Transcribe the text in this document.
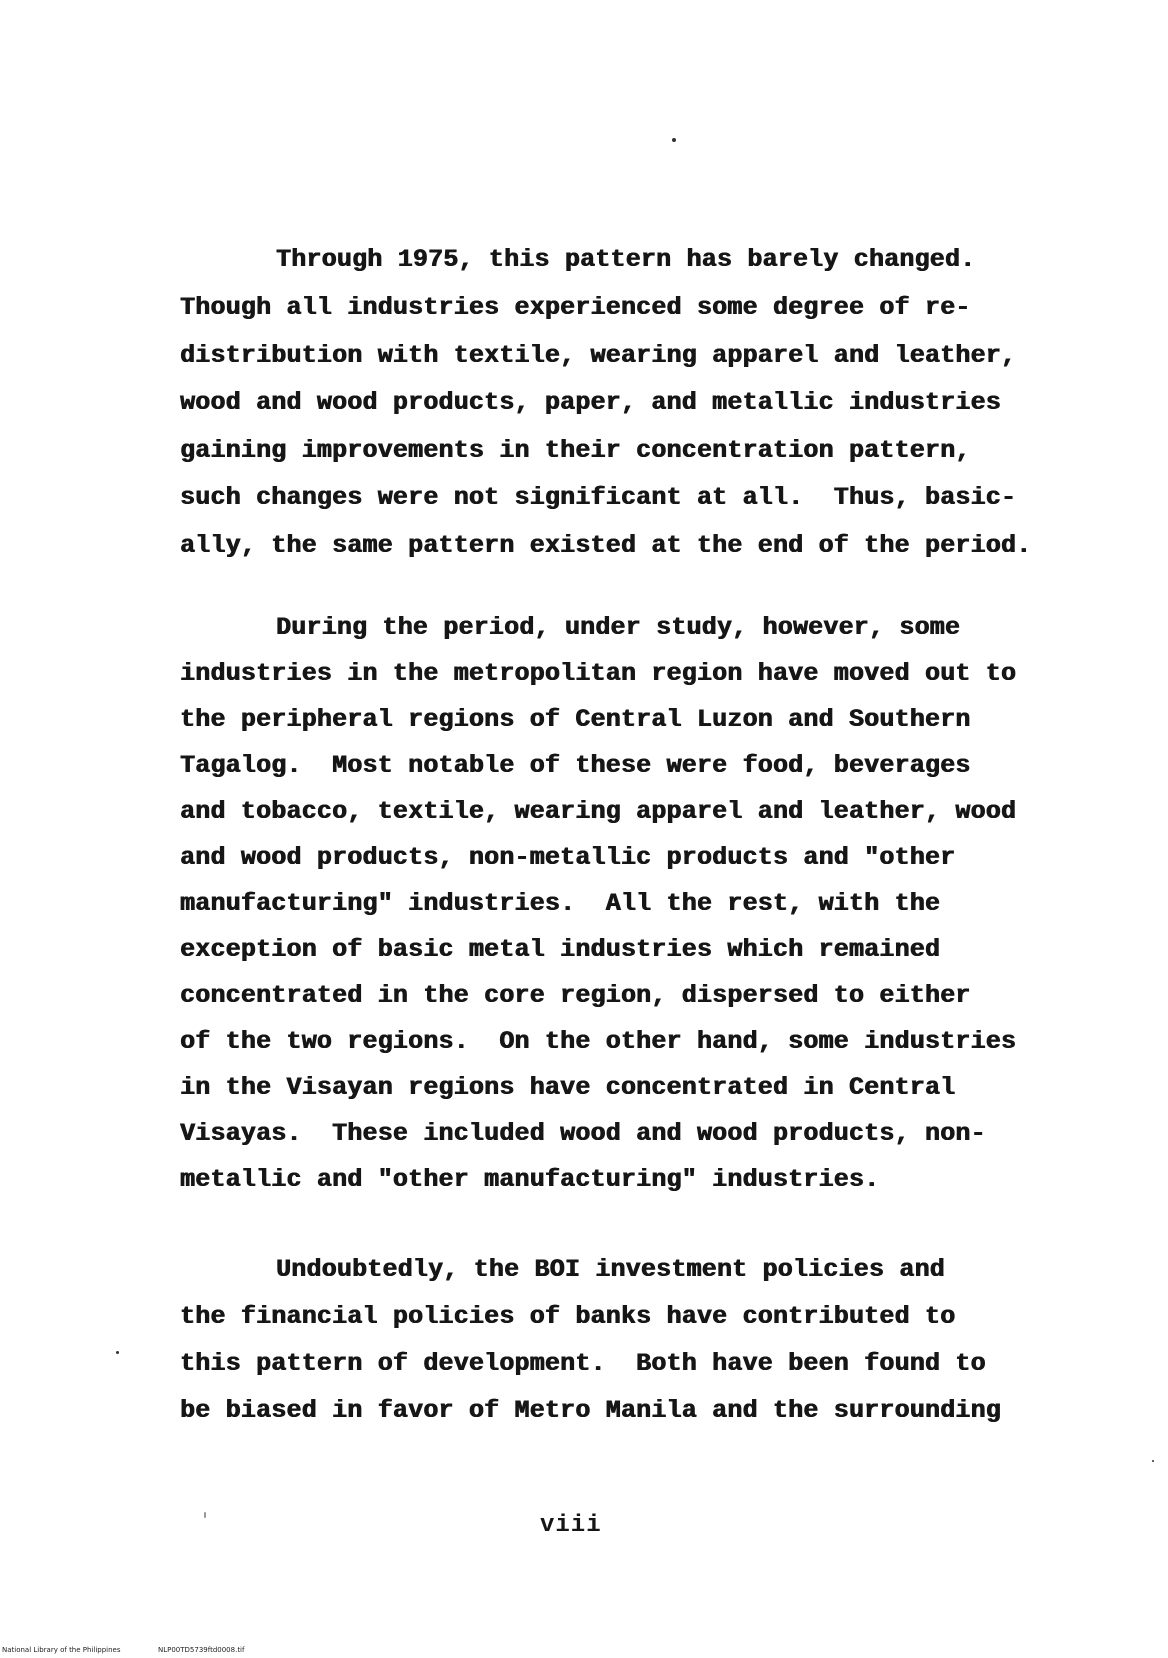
Through 1975, this pattern has barely changed.
Though all industries experienced some degree of re-
distribution with textile, wearing apparel and leather,
wood and wood products, paper, and metallic industries
gaining improvements in their concentration pattern,
such changes were not significant at all.  Thus, basic-
ally, the same pattern existed at the end of the period.
During the period, under study, however, some
industries in the metropolitan region have moved out to
the peripheral regions of Central Luzon and Southern
Tagalog.  Most notable of these were food, beverages
and tobacco, textile, wearing apparel and leather, wood
and wood products, non-metallic products and "other
manufacturing" industries.  All the rest, with the
exception of basic metal industries which remained
concentrated in the core region, dispersed to either
of the two regions.  On the other hand, some industries
in the Visayan regions have concentrated in Central
Visayas.  These included wood and wood products, non-
metallic and "other manufacturing" industries.
Undoubtedly, the BOI investment policies and
the financial policies of banks have contributed to
this pattern of development.  Both have been found to
be biased in favor of Metro Manila and the surrounding
viii
National Library of the Philippines	NLP00TD5739ftd0008.tif
